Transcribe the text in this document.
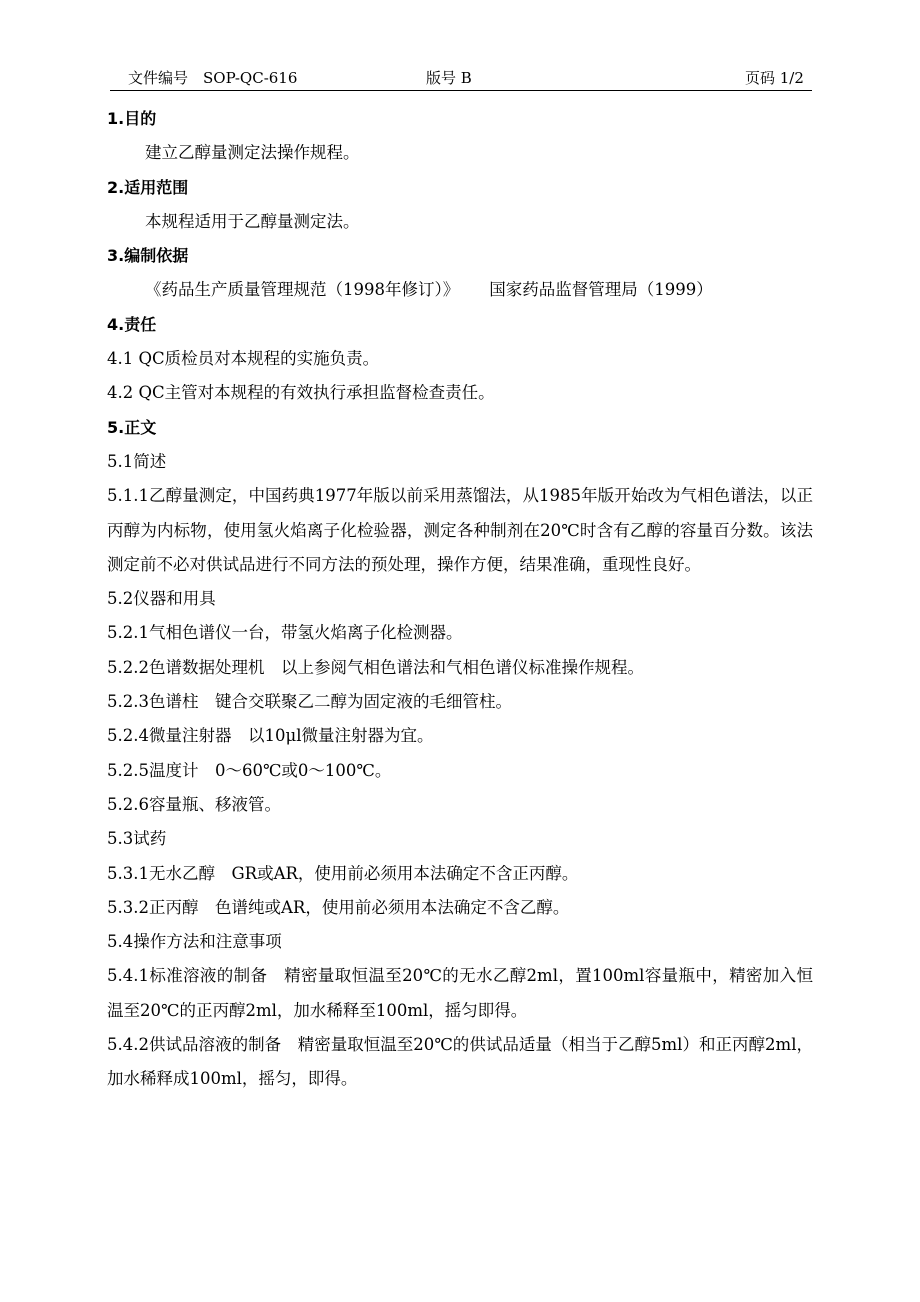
文件编号　SOP-QC-616	版号 B	页码 1/2

1.目的

建立乙醇量测定法操作规程。

2.适用范围

本规程适用于乙醇量测定法。

3.编制依据

《药品生产质量管理规范（1998年修订）》　　 国家药品监督管理局（1999）

4.责任

4.1 QC质检员对本规程的实施负责。

4.2 QC主管对本规程的有效执行承担监督检查责任。

5.正文

5.1简述

5.1.1乙醇量测定，中国药典1977年版以前采用蒸馏法，从1985年版开始改为气相色谱法，以正丙醇为内标物，使用氢火焰离子化检验器，测定各种制剂在20℃时含有乙醇的容量百分数。该法测定前不必对供试品进行不同方法的预处理，操作方便，结果准确，重现性良好。

5.2仪器和用具

5.2.1气相色谱仪一台，带氢火焰离子化检测器。

5.2.2色谱数据处理机　以上参阅气相色谱法和气相色谱仪标准操作规程。

5.2.3色谱柱　键合交联聚乙二醇为固定液的毛细管柱。

5.2.4微量注射器　以10μl微量注射器为宜。

5.2.5温度计　0～60℃或0～100℃。

5.2.6容量瓶、移液管。

5.3试药

5.3.1无水乙醇　GR或AR，使用前必须用本法确定不含正丙醇。

5.3.2正丙醇　色谱纯或AR，使用前必须用本法确定不含乙醇。

5.4操作方法和注意事项

5.4.1标准溶液的制备　精密量取恒温至20℃的无水乙醇2ml，置100ml容量瓶中，精密加入恒温至20℃的正丙醇2ml，加水稀释至100ml，摇匀即得。

5.4.2供试品溶液的制备　精密量取恒温至20℃的供试品适量（相当于乙醇5ml）和正丙醇2ml，加水稀释成100ml，摇匀，即得。
